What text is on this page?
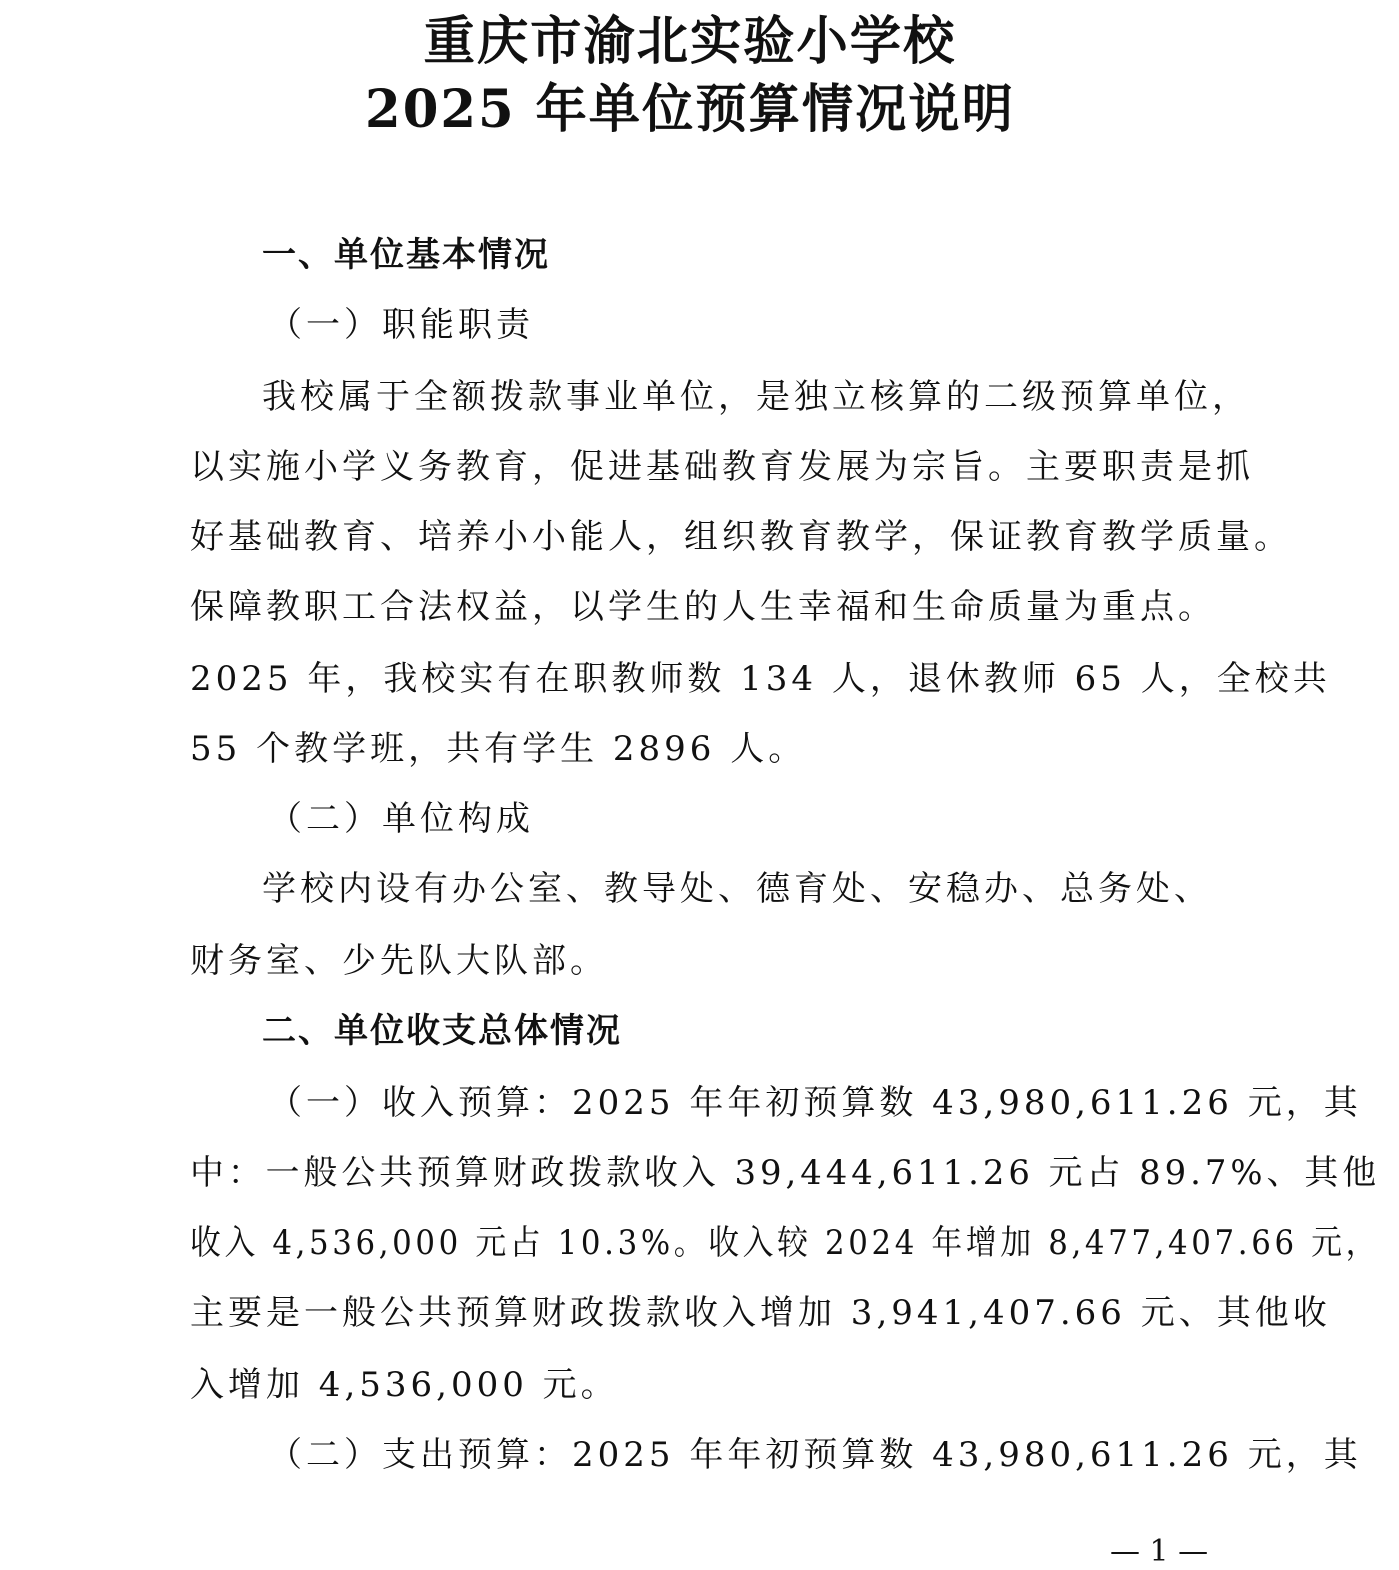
重庆市渝北实验小学校
2025 年单位预算情况说明
一、单位基本情况
（一）职能职责
我校属于全额拨款事业单位，是独立核算的二级预算单位，
以实施小学义务教育，促进基础教育发展为宗旨。主要职责是抓
好基础教育、培养小小能人，组织教育教学，保证教育教学质量。
保障教职工合法权益，以学生的人生幸福和生命质量为重点。
2025 年，我校实有在职教师数 134 人，退休教师 65 人，全校共
55 个教学班，共有学生 2896 人。
（二）单位构成
学校内设有办公室、教导处、德育处、安稳办、总务处、
财务室、少先队大队部。
二、单位收支总体情况
（一）收入预算：2025 年年初预算数 43,980,611.26 元，其
中：一般公共预算财政拨款收入 39,444,611.26 元占 89.7%、其他
收入 4,536,000 元占 10.3%。收入较 2024 年增加 8,477,407.66 元，
主要是一般公共预算财政拨款收入增加 3,941,407.66 元、其他收
入增加 4,536,000 元。
（二）支出预算：2025 年年初预算数 43,980,611.26 元，其
— 1 —
